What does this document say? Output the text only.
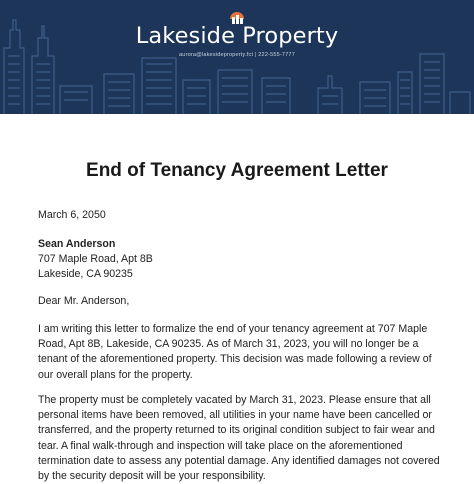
Lakeside Property
aurora@lakesideproperty.fct | 222-555-7777
End of Tenancy Agreement Letter
March 6, 2050
Sean Anderson
707 Maple Road, Apt 8B
Lakeside, CA 90235
Dear Mr. Anderson,
I am writing this letter to formalize the end of your tenancy agreement at 707 Maple Road, Apt 8B, Lakeside, CA 90235. As of March 31, 2023, you will no longer be a tenant of the aforementioned property. This decision was made following a review of our overall plans for the property.
The property must be completely vacated by March 31, 2023. Please ensure that all personal items have been removed, all utilities in your name have been cancelled or transferred, and the property returned to its original condition subject to fair wear and tear. A final walk-through and inspection will take place on the aforementioned termination date to assess any potential damage. Any identified damages not covered by the security deposit will be your responsibility.
